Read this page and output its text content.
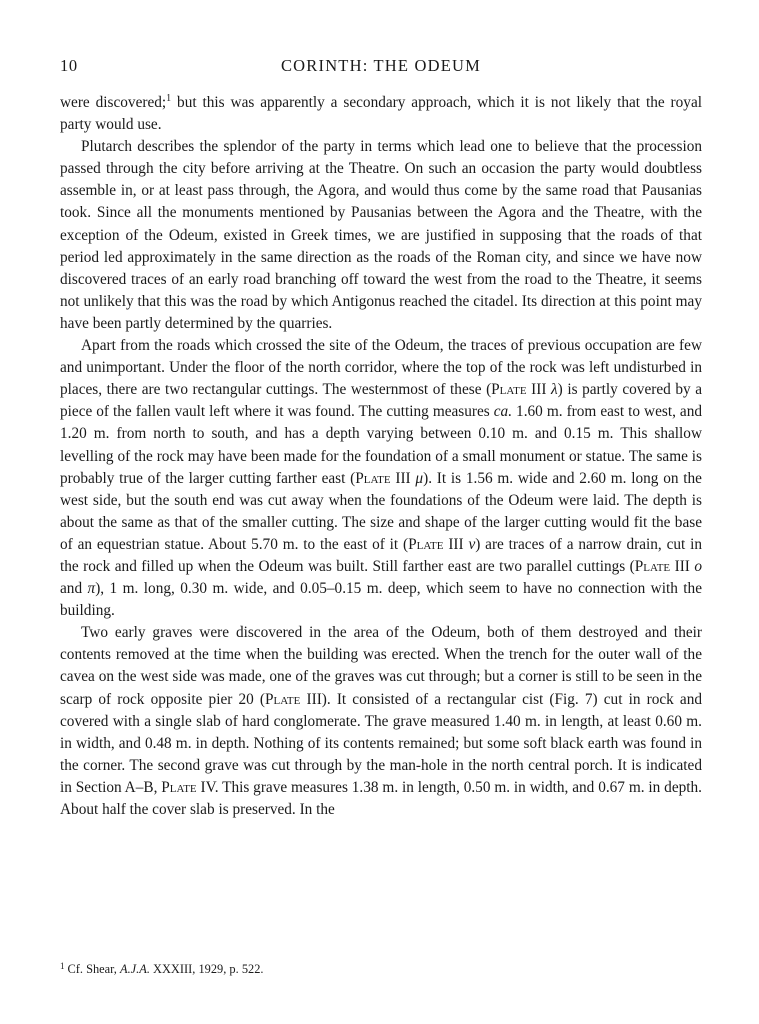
10	CORINTH: THE ODEUM

were discovered;$^1$ but this was apparently a secondary approach, which it is not likely that the royal party would use.

Plutarch describes the splendor of the party in terms which lead one to believe that the procession passed through the city before arriving at the Theatre. On such an occasion the party would doubtless assemble in, or at least pass through, the Agora, and would thus come by the same road that Pausanias took. Since all the monuments mentioned by Pausanias between the Agora and the Theatre, with the exception of the Odeum, existed in Greek times, we are justified in supposing that the roads of that period led approximately in the same direction as the roads of the Roman city, and since we have now discovered traces of an early road branching off toward the west from the road to the Theatre, it seems not unlikely that this was the road by which Antigonus reached the citadel. Its direction at this point may have been partly determined by the quarries.

Apart from the roads which crossed the site of the Odeum, the traces of previous occupation are few and unimportant. Under the floor of the north corridor, where the top of the rock was left undisturbed in places, there are two rectangular cuttings. The westernmost of these (Plate III λ) is partly covered by a piece of the fallen vault left where it was found. The cutting measures ca. 1.60 m. from east to west, and 1.20 m. from north to south, and has a depth varying between 0.10 m. and 0.15 m. This shallow levelling of the rock may have been made for the foundation of a small monument or statue. The same is probably true of the larger cutting farther east (Plate III μ). It is 1.56 m. wide and 2.60 m. long on the west side, but the south end was cut away when the foundations of the Odeum were laid. The depth is about the same as that of the smaller cutting. The size and shape of the larger cutting would fit the base of an equestrian statue. About 5.70 m. to the east of it (Plate III ν) are traces of a narrow drain, cut in the rock and filled up when the Odeum was built. Still farther east are two parallel cuttings (Plate III ο and π), 1 m. long, 0.30 m. wide, and 0.05–0.15 m. deep, which seem to have no connection with the building.

Two early graves were discovered in the area of the Odeum, both of them destroyed and their contents removed at the time when the building was erected. When the trench for the outer wall of the cavea on the west side was made, one of the graves was cut through; but a corner is still to be seen in the scarp of rock opposite pier 20 (Plate III). It consisted of a rectangular cist (Fig. 7) cut in rock and covered with a single slab of hard conglomerate. The grave measured 1.40 m. in length, at least 0.60 m. in width, and 0.48 m. in depth. Nothing of its contents remained; but some soft black earth was found in the corner. The second grave was cut through by the man-hole in the north central porch. It is indicated in Section A–B, Plate IV. This grave measures 1.38 m. in length, 0.50 m. in width, and 0.67 m. in depth. About half the cover slab is preserved. In the

$^1$ Cf. Shear, A.J.A. XXXIII, 1929, p. 522.
